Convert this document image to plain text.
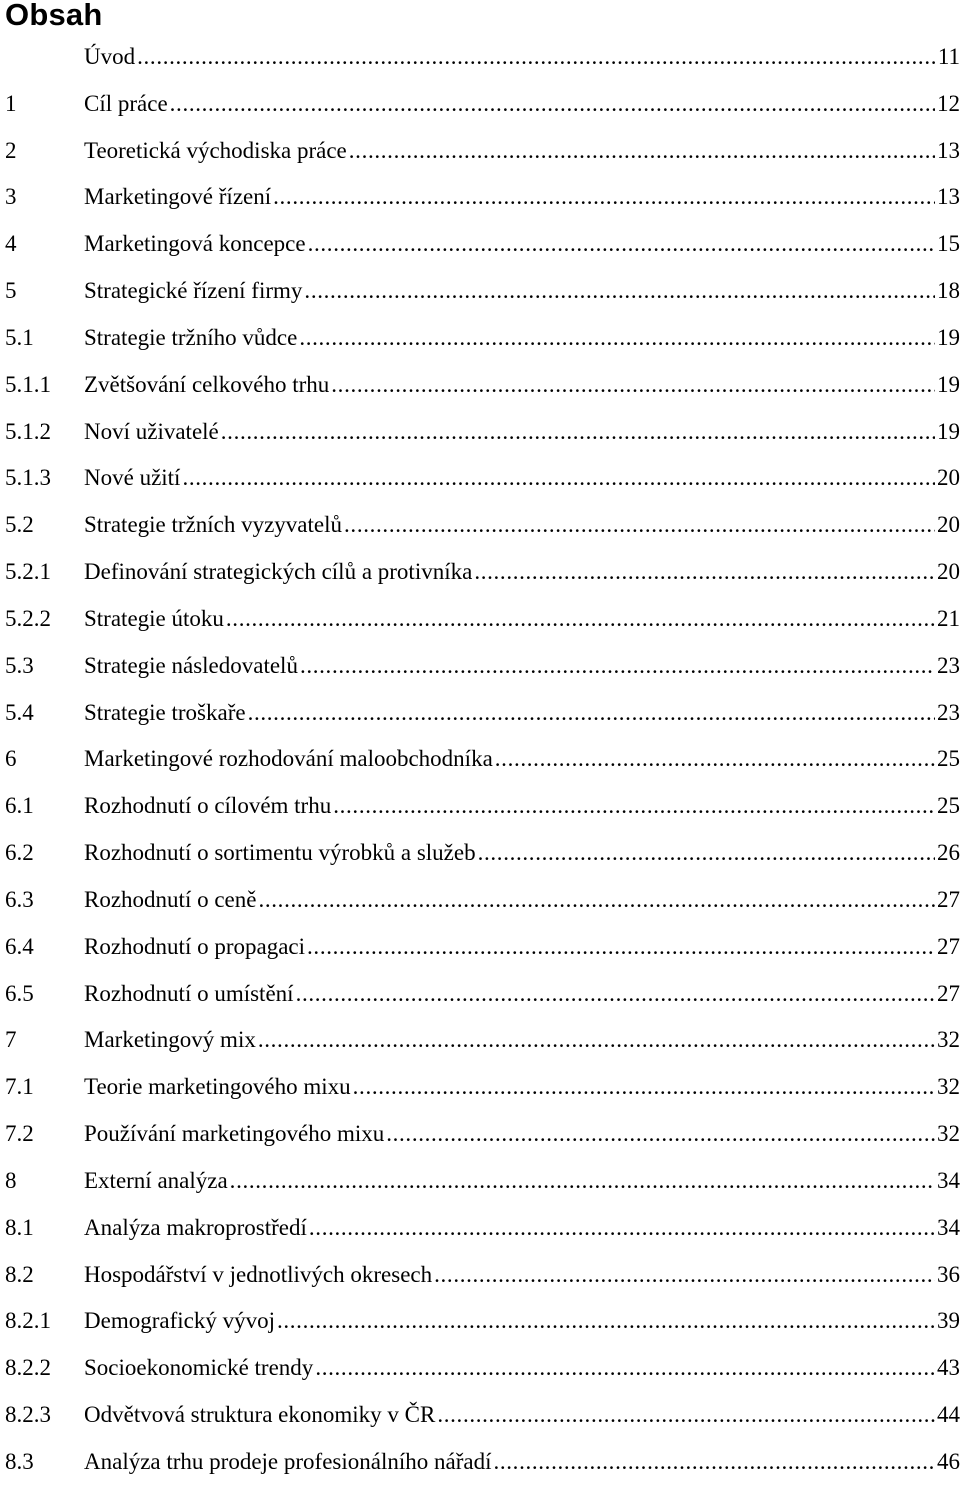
Obsah
Úvod . . .	11
1	Cíl práce . . .	12
2	Teoretická východiska práce . . .	13
3	Marketingové řízení . . .	13
4	Marketingová koncepce . . .	15
5	Strategické řízení firmy . . .	18
5.1	Strategie tržního vůdce . . .	19
5.1.1	Zvětšování celkového trhu . . .	19
5.1.2	Noví uživatelé . . .	19
5.1.3	Nové užití . . .	20
5.2	Strategie tržních vyzyvatelů . . .	20
5.2.1	Definování strategických cílů a protivníka . . .	20
5.2.2	Strategie útoku . . .	21
5.3	Strategie následovatelů . . .	23
5.4	Strategie troškaře . . .	23
6	Marketingové rozhodování maloobchodníka . . .	25
6.1	Rozhodnutí o cílovém trhu . . .	25
6.2	Rozhodnutí o sortimentu výrobků a služeb . . .	26
6.3	Rozhodnutí o ceně . . .	27
6.4	Rozhodnutí o propagaci . . .	27
6.5	Rozhodnutí o umístění . . .	27
7	Marketingový mix . . .	32
7.1	Teorie marketingového mixu . . .	32
7.2	Používání marketingového mixu . . .	32
8	Externí analýza . . .	34
8.1	Analýza makroprostředí . . .	34
8.2	Hospodářství v jednotlivých okresech . . .	36
8.2.1	Demografický vývoj . . .	39
8.2.2	Socioekonomické trendy . . .	43
8.2.3	Odvětvová struktura ekonomiky v ČR . . .	44
8.3	Analýza trhu prodeje profesionálního nářadí . . .	46
